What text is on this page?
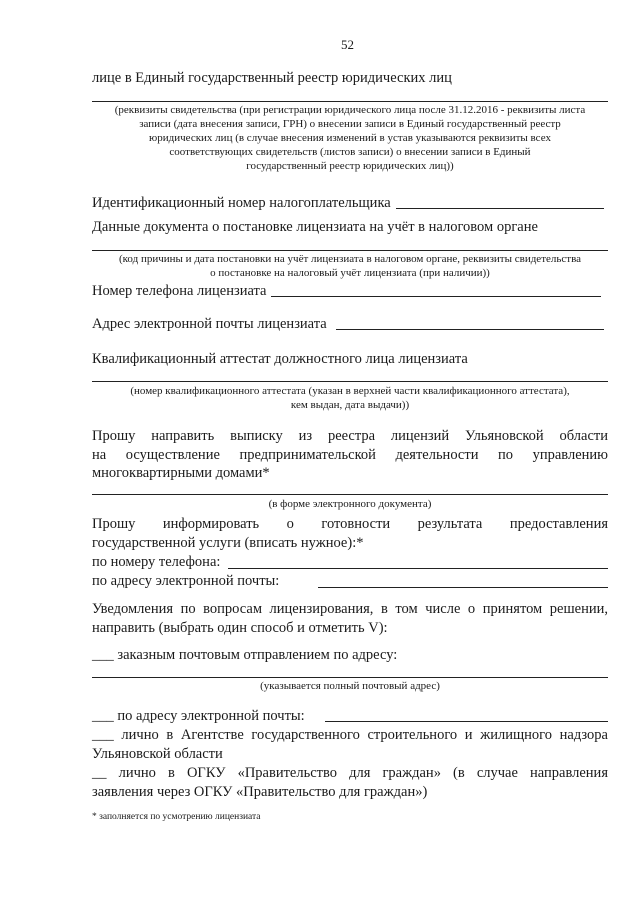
52
лице в Единый государственный реестр юридических лиц
(реквизиты свидетельства (при регистрации юридического лица после 31.12.2016 - реквизиты листа
записи (дата внесения записи, ГРН) о внесении записи в Единый государственный реестр
юридических лиц (в случае внесения изменений в устав указываются реквизиты всех
соответствующих свидетельств (листов записи) о внесении записи в Единый
государственный реестр юридических лиц))
Идентификационный номер налогоплательщика
Данные документа о постановке лицензиата на учёт в налоговом органе
(код причины и дата постановки на учёт лицензиата в налоговом органе, реквизиты свидетельства
о постановке на налоговый учёт лицензиата (при наличии))
Номер телефона лицензиата
Адрес электронной почты лицензиата
Квалификационный аттестат должностного лица лицензиата
(номер квалификационного аттестата (указан в верхней части квалификационного аттестата),
кем выдан, дата выдачи))
Прошу направить выписку из реестра лицензий Ульяновской области
на осуществление предпринимательской деятельности по управлению
многоквартирными домами*
(в форме электронного документа)
Прошу информировать о готовности результата предоставления
государственной услуги (вписать нужное):*
по номеру телефона:
по адресу электронной почты:
Уведомления по вопросам лицензирования, в том числе о принятом решении,
направить (выбрать один способ и отметить V):
___ заказным почтовым отправлением по адресу:
(указывается полный почтовый адрес)
___ по адресу электронной почты:
___ лично в Агентстве государственного строительного и жилищного надзора
Ульяновской области
__ лично в ОГКУ «Правительство для граждан» (в случае направления
заявления через ОГКУ «Правительство для граждан»)
* заполняется по усмотрению лицензиата
